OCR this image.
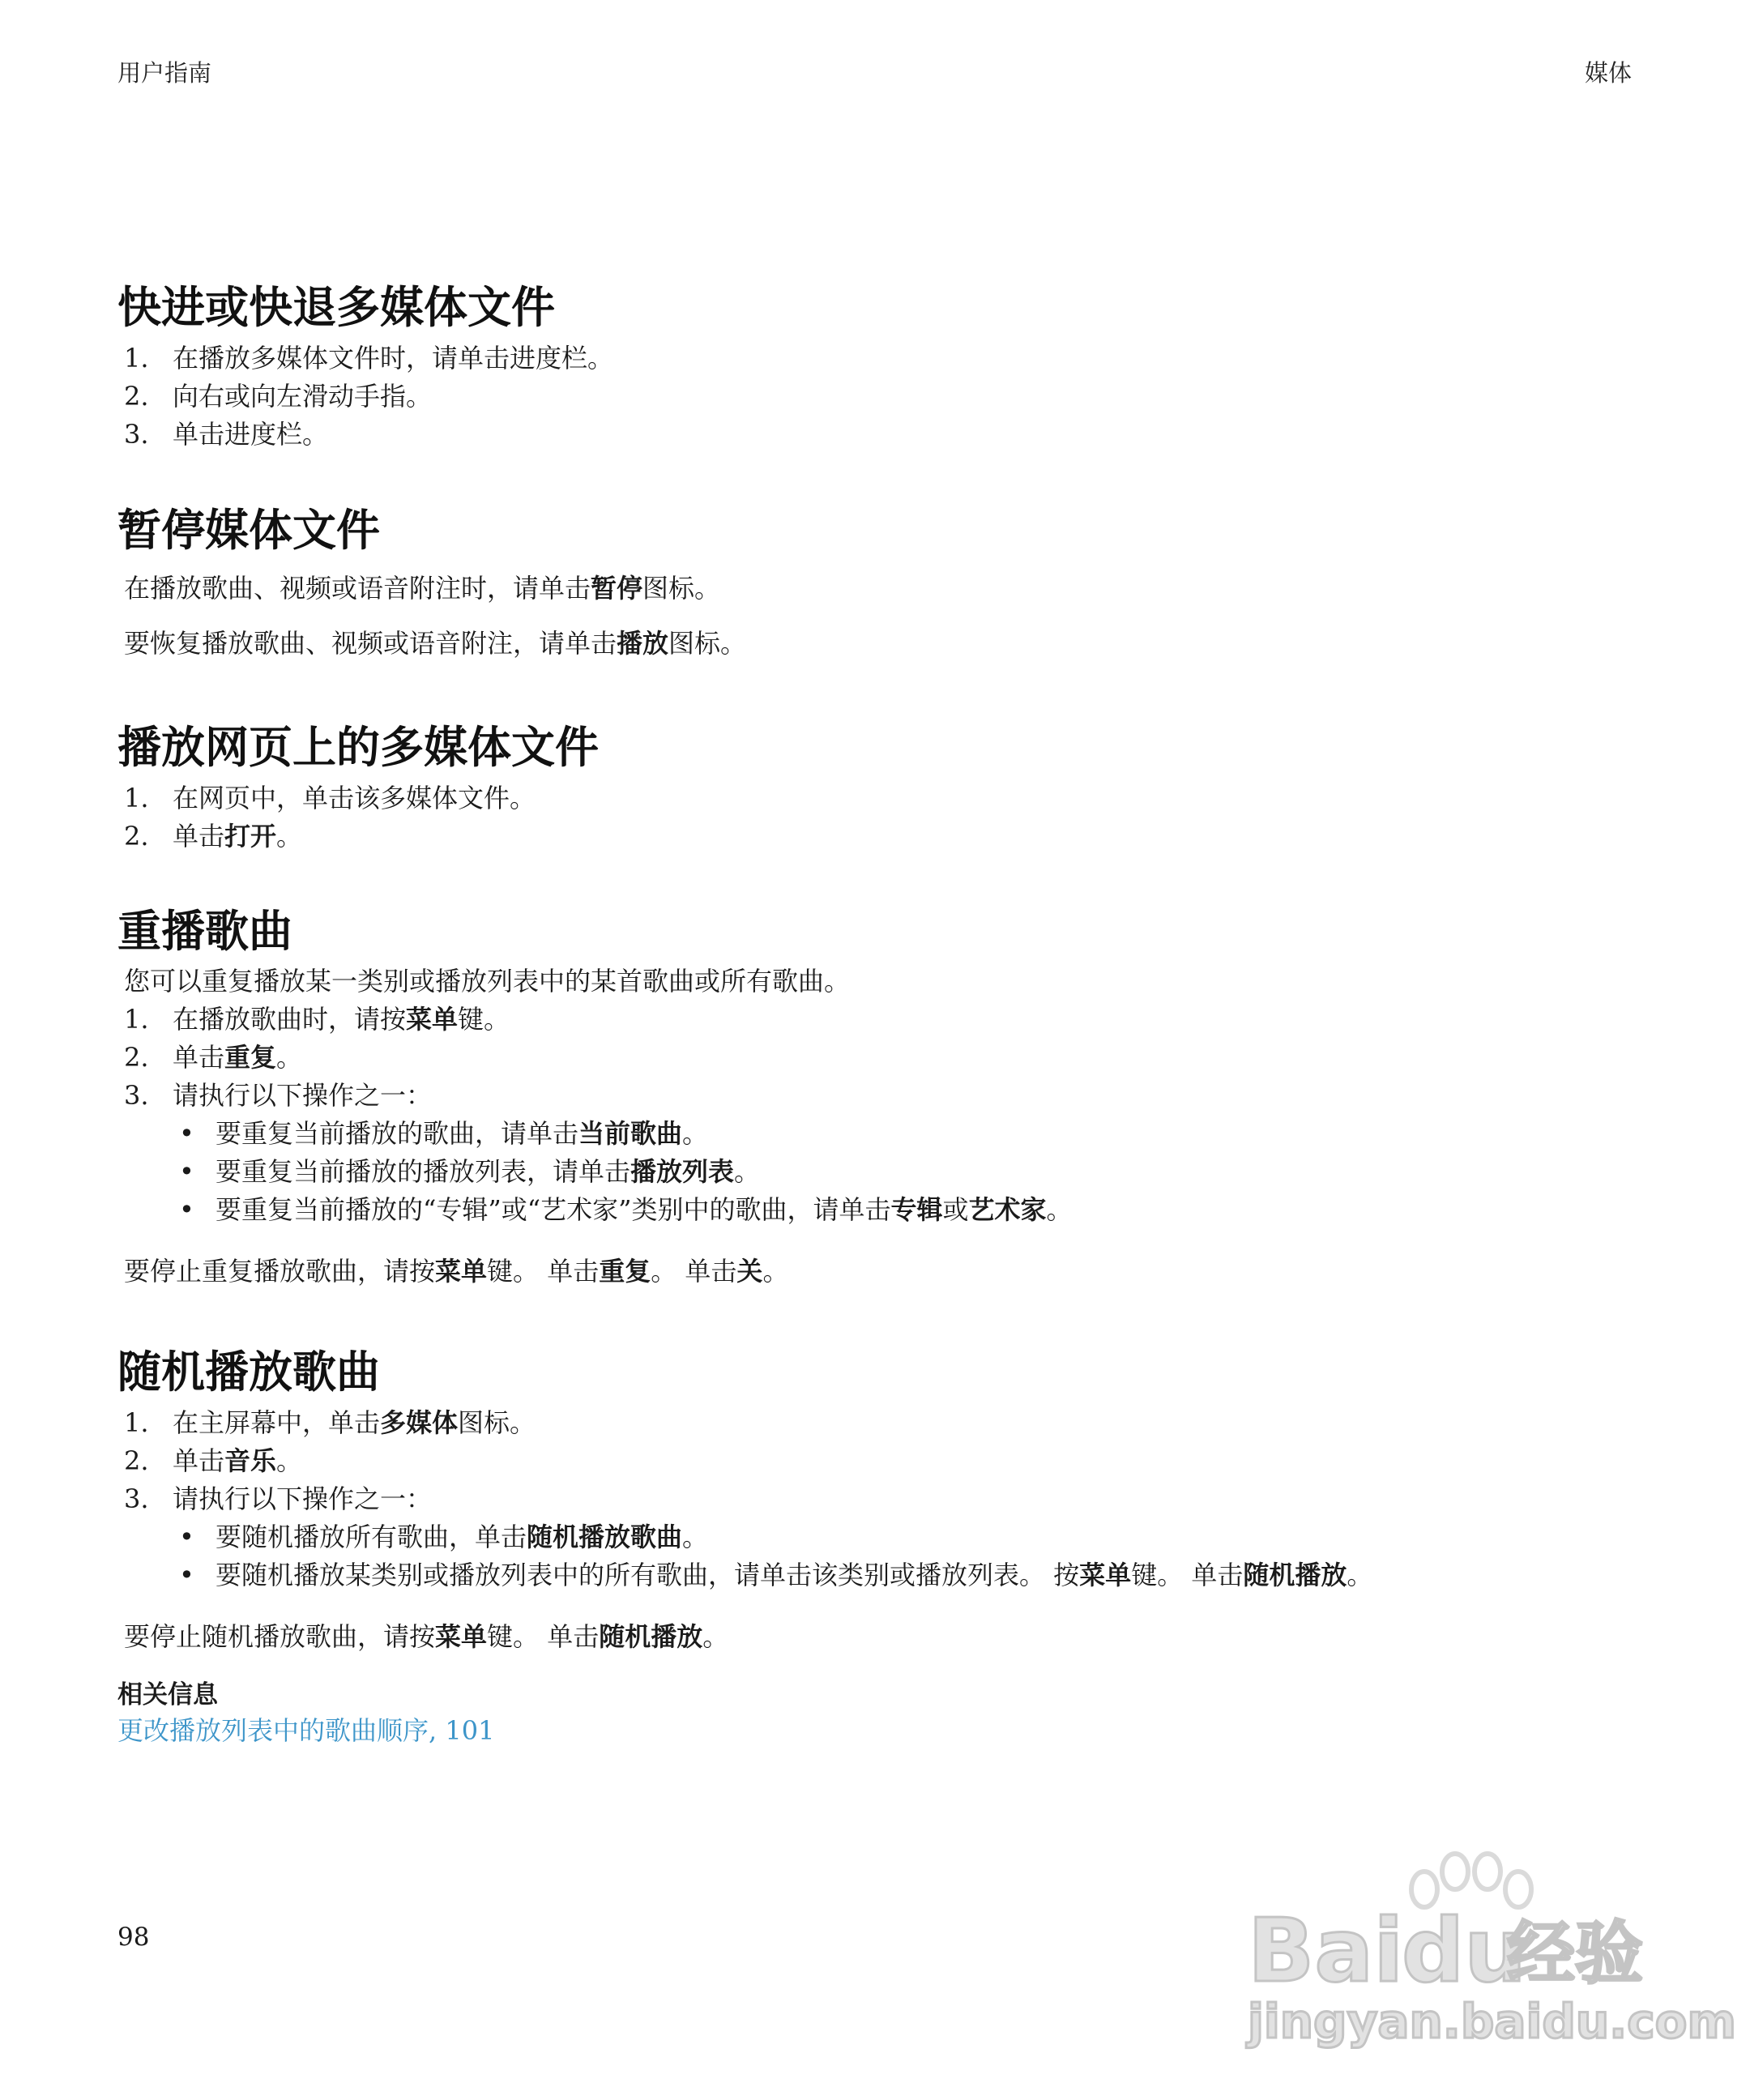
用户指南	媒体
快进或快退多媒体文件
1. 在播放多媒体文件时，请单击进度栏。
2. 向右或向左滑动手指。
3. 单击进度栏。
暂停媒体文件

在播放歌曲、视频或语音附注时，请单击暂停图标。

要恢复播放歌曲、视频或语音附注，请单击播放图标。

播放网页上的多媒体文件
1. 在网页中，单击该多媒体文件。
2. 单击打开。
重播歌曲

您可以重复播放某一类别或播放列表中的某首歌曲或所有歌曲。

1. 在播放歌曲时，请按菜单键。
2. 单击重复。
3. 请执行以下操作之一：
• 要重复当前播放的歌曲，请单击当前歌曲。
• 要重复当前播放的播放列表，请单击播放列表。
• 要重复当前播放的“专辑”或“艺术家”类别中的歌曲，请单击专辑或艺术家。
要停止重复播放歌曲，请按菜单键。 单击重复。 单击关。
随机播放歌曲
1. 在主屏幕中，单击多媒体图标。
2. 单击音乐。
3. 请执行以下操作之一：
• 要随机播放所有歌曲，单击随机播放歌曲。
• 要随机播放某类别或播放列表中的所有歌曲，请单击该类别或播放列表。 按菜单键。 单击随机播放。
要停止随机播放歌曲，请按菜单键。 单击随机播放。
相关信息
更改播放列表中的歌曲顺序, 101
98	Bai
du
经验
jingyan.baidu.com
